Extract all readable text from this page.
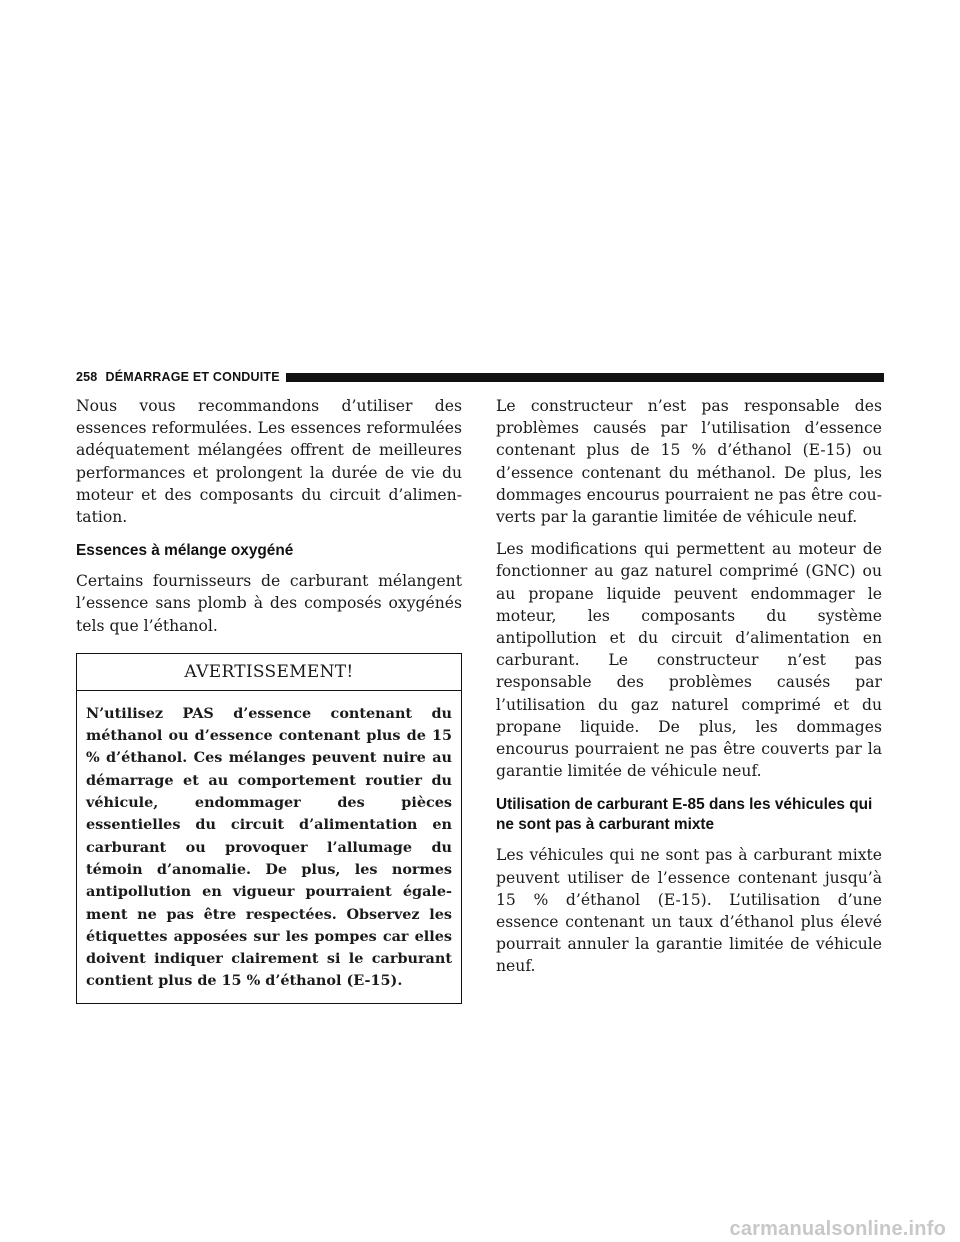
258 DÉMARRAGE ET CONDUITE

Nous vous recommandons d’utiliser des essences reformulées. Les essences reformulées adéquatement mélangées offrent de meilleures performances et prolongent la durée de vie du moteur et des composants du circuit d’alimentation.

Essences à mélange oxygéné

Certains fournisseurs de carburant mélangent l’essence sans plomb à des composés oxygénés tels que l’éthanol.

AVERTISSEMENT!
N’utilisez PAS d’essence contenant du méthanol ou d’essence contenant plus de 15 % d’éthanol. Ces mélanges peuvent nuire au démarrage et au comportement routier du véhicule, endommager des pièces essentielles du circuit d’alimentation en carburant ou provoquer l’allumage du témoin d’anomalie. De plus, les normes antipollution en vigueur pourraient également ne pas être respectées. Observez les étiquettes apposées sur les pompes car elles doivent indiquer clairement si le carburant contient plus de 15 % d’éthanol (E-15).

Le constructeur n’est pas responsable des problèmes causés par l’utilisation d’essence contenant plus de 15 % d’éthanol (E-15) ou d’essence contenant du méthanol. De plus, les dommages encourus pourraient ne pas être couverts par la garantie limitée de véhicule neuf.

Les modifications qui permettent au moteur de fonctionner au gaz naturel comprimé (GNC) ou au propane liquide peuvent endommager le moteur, les composants du système antipollution et du circuit d’alimentation en carburant. Le constructeur n’est pas responsable des problèmes causés par l’utilisation du gaz naturel comprimé et du propane liquide. De plus, les dommages encourus pourraient ne pas être couverts par la garantie limitée de véhicule neuf.

Utilisation de carburant E-85 dans les véhicules qui ne sont pas à carburant mixte

Les véhicules qui ne sont pas à carburant mixte peuvent utiliser de l’essence contenant jusqu’à 15 % d’éthanol (E-15). L’utilisation d’une essence contenant un taux d’éthanol plus élevé pourrait annuler la garantie limitée de véhicule neuf.

carmanualsonline.info
